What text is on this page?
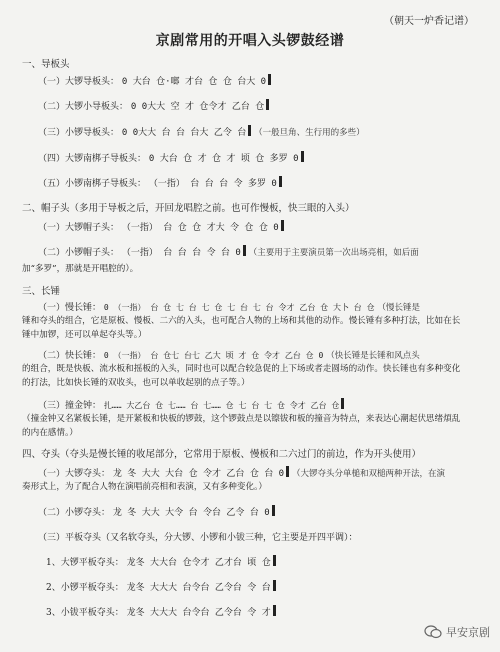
（朝天一炉香记谱）
京剧常用的开唱入头锣鼓经谱
一、导板头
（一）大锣导板头： 0 大台 仓·啷 才台 仓 仓 台大 0
（二）大锣小导板头： 0 0大大 空 才 仓令才 乙台 仓
（三）小锣导板头： 0 0大大 台 台 台大 乙令 台 （一般旦角、生行用的多些）
（四）大锣南梆子导板头： 0 大台 仓 才 仓 才 顷 仓 多罗 0
（五）小锣南梆子导板头： （一指） 台 台 台 令 多罗 0
二、帽子头（多用于导板之后，开回龙唱腔之前。也可作慢板，快三眼的入头）
（一）大锣帽子头： （一指） 台 仓 仓 才大 令 仓 仓 0
（二）小锣帽子头： （一指） 台 台 台 令 台 0 （主要用于主要演员第一次出场亮相，如后面
加“多罗”，那就是开唱腔的）。
三、长锤
（一）慢长锤： 0 （一指） 台 仓 七 台 七 仓 七 台 七 台 令才 乙台 仓 大卜 台 仓 （慢长锤是
锤和夺头的组合，它是原板、慢板、二六的入头，也可配合人物的上场和其他的动作。慢长锤有多种打法，比如在长锤中加锣，还可以单起夺头等。）
（二）快长锤： 0 （一指） 台 仓七 台七 乙大 顷 才 仓 令才 乙台 仓 0 （快长锤是长锤和风点头
的组合，既是快板、流水板和摇板的入头，同时也可以配合较急促的上下场或者走圆场的动作。快长锤也有多种变化的打法，比如快长锤的双收头，也可以单收起别的点子等。）
（三）撞金钟： 扎…… 大乙台 仓 七…… 台 七…… 仓 七 台 七 仓 令才 乙台 仓
（撞金钟又名紧板长锤，是开紧板和快板的锣鼓，这个锣鼓点是以镲钹和板的撞音为特点，来表达心潮起伏思绪煩乱的内在感情。）
四、夺头（夺头是慢长锤的收尾部分，它常用于原板、慢板和二六过门的前边，作为开头使用）
（一）大锣夺头： 龙 冬 大大 大台 仓 令才 乙台 仓 台 0 （大锣夺头分单槌和双槌两种开法，在演
奏形式上，为了配合人物在演唱前亮相和表演，又有多种变化。）
（二）小锣夺头： 龙 冬 大大 大令 台 令台 乙令 台 0
（三）平板夺头（又名软夺头，分大锣、小锣和小钹三种，它主要是开四平调）：
1、大锣平板夺头： 龙冬 大大台 仓令才 乙才台 顷 仓
2、小锣平板夺头： 龙冬 大大大 台令台 乙令台 令 台
3、小钹平板夺头： 龙冬 大大大 台令台 乙令台 令 才
早安京剧
